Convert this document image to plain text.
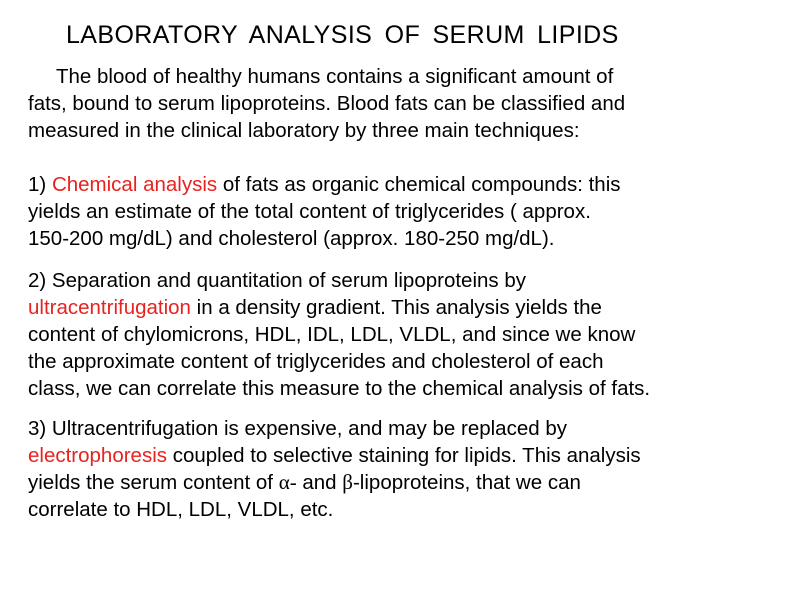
LABORATORY ANALYSIS OF SERUM LIPIDS
The blood of healthy humans contains a significant amount of
fats, bound to serum lipoproteins. Blood fats can be classified and
measured in the clinical laboratory by three main techniques:
1) Chemical analysis of fats as organic chemical compounds: this
yields an estimate of the total content of triglycerides ( approx.
150-200 mg/dL) and cholesterol (approx. 180-250 mg/dL).
2) Separation and quantitation of serum lipoproteins by
ultracentrifugation in a density gradient. This analysis yields the
content of chylomicrons, HDL, IDL, LDL, VLDL, and since we know
the approximate content of triglycerides and cholesterol of each
class, we can correlate this measure to the chemical analysis of fats.
3) Ultracentrifugation is expensive, and may be replaced by
electrophoresis coupled to selective staining for lipids. This analysis
yields the serum content of α- and β-lipoproteins, that we can
correlate to HDL, LDL, VLDL, etc.
